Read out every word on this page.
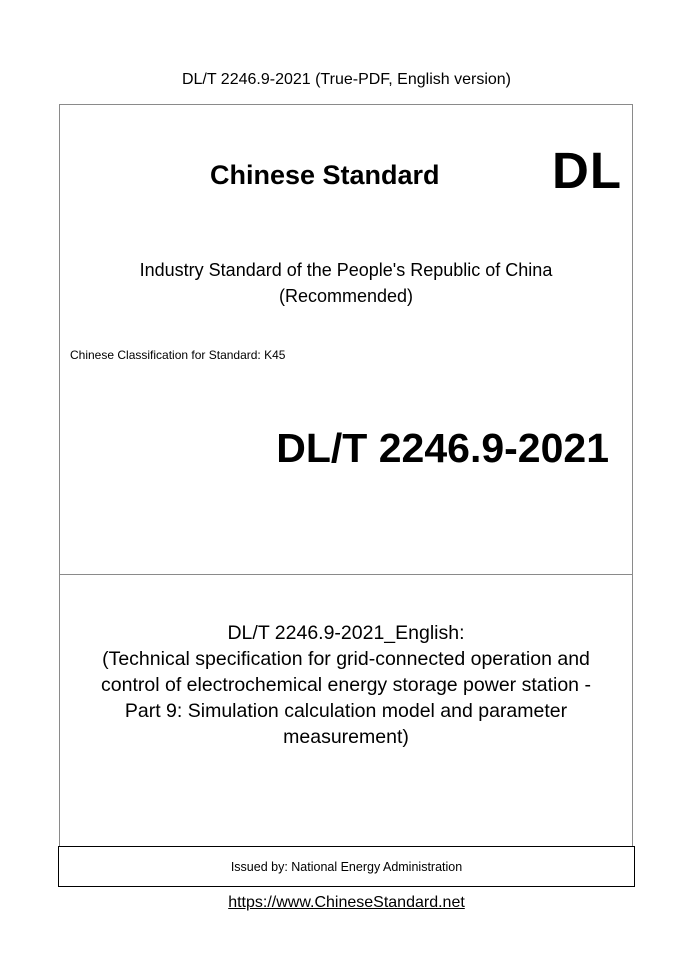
DL/T 2246.9-2021 (True-PDF, English version)
Chinese Standard DL
Industry Standard of the People's Republic of China
(Recommended)
Chinese Classification for Standard: K45
DL/T 2246.9-2021
DL/T 2246.9-2021_English:
(Technical specification for grid-connected operation and
control of electrochemical energy storage power station -
Part 9: Simulation calculation model and parameter
measurement)
Issued by: National Energy Administration
https://www.ChineseStandard.net
